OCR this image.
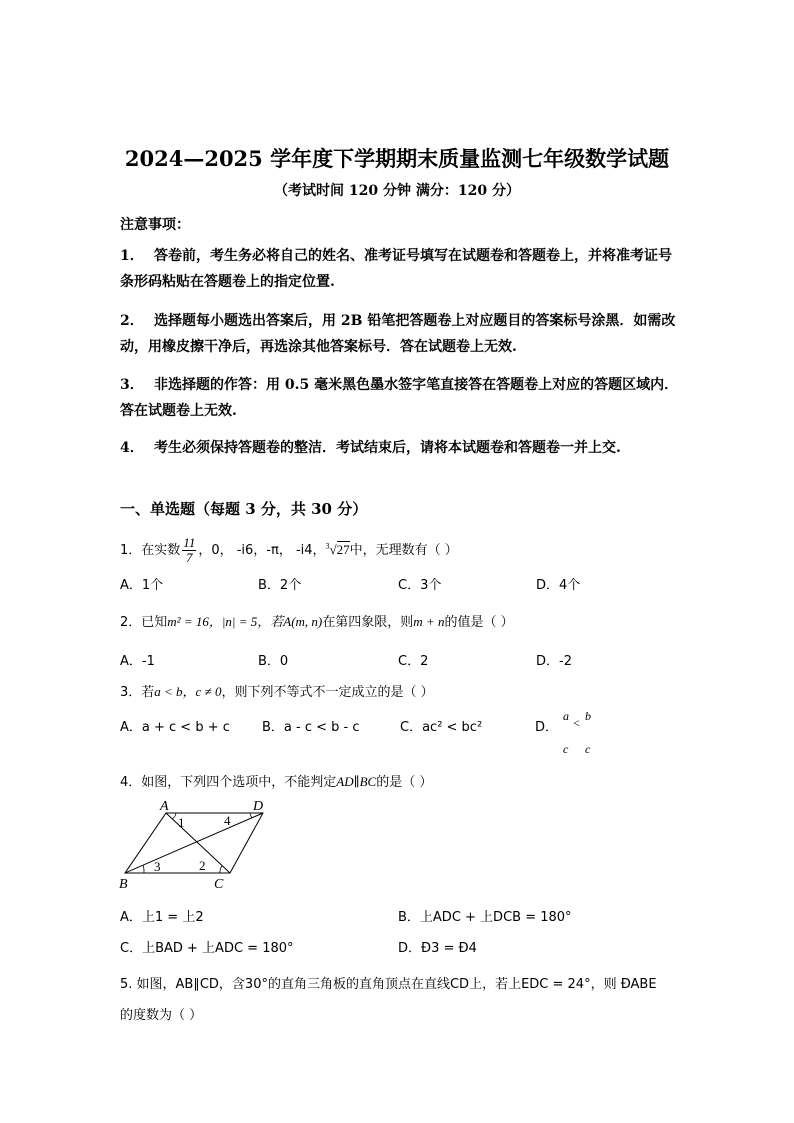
2024—2025 学年度下学期期末质量监测七年级数学试题
（考试时间 120 分钟 满分：120 分）
注意事项：
1． 答卷前，考生务必将自己的姓名、准考证号填写在试题卷和答题卷上，并将准考证号条形码粘贴在答题卷上的指定位置.
2． 选择题每小题选出答案后，用 2B 铅笔把答题卷上对应题目的答案标号涂黑．如需改动，用橡皮擦干净后，再选涂其他答案标号．答在试题卷上无效.
3． 非选择题的作答：用 0.5 毫米黑色墨水签字笔直接答在答题卷上对应的答题区域内．答在试题卷上无效.
4． 考生必须保持答题卷的整洁．考试结束后，请将本试题卷和答题卷一并上交.
一、单选题（每题 3 分，共 30 分）
1．在实数 $\frac{11}{7}$ ，0， ‑i6，-π， ‑i4，$^3$√27中，无理数有（ ）
A．1个	B．2个	C．3个	D．4个
2．已知m² = 16，|n| = 5，若A(m, n)在第四象限，则m + n的值是（ ）
A．-1	B．0	C．2	D．-2
3．若a < b，c ≠ 0，则下列不等式不一定成立的是（ ）
A．a + c < b + c B．a - c < b - c	C．ac² < bc²	D．
a < b
c c
4．如图，下列四个选项中，不能判定AD∥BC的是（ ）
A	D
B	C
1	4
2
3
A．上1 = 上2	B．上ADC + 上DCB = 180°
C．上BAD + 上ADC = 180°	D．Ð3 = Ð4
5. 如图，AB∥CD，含30°的直角三角板的直角顶点在直线CD上，若上EDC = 24°，则 ÐABE
的度数为（ ）
